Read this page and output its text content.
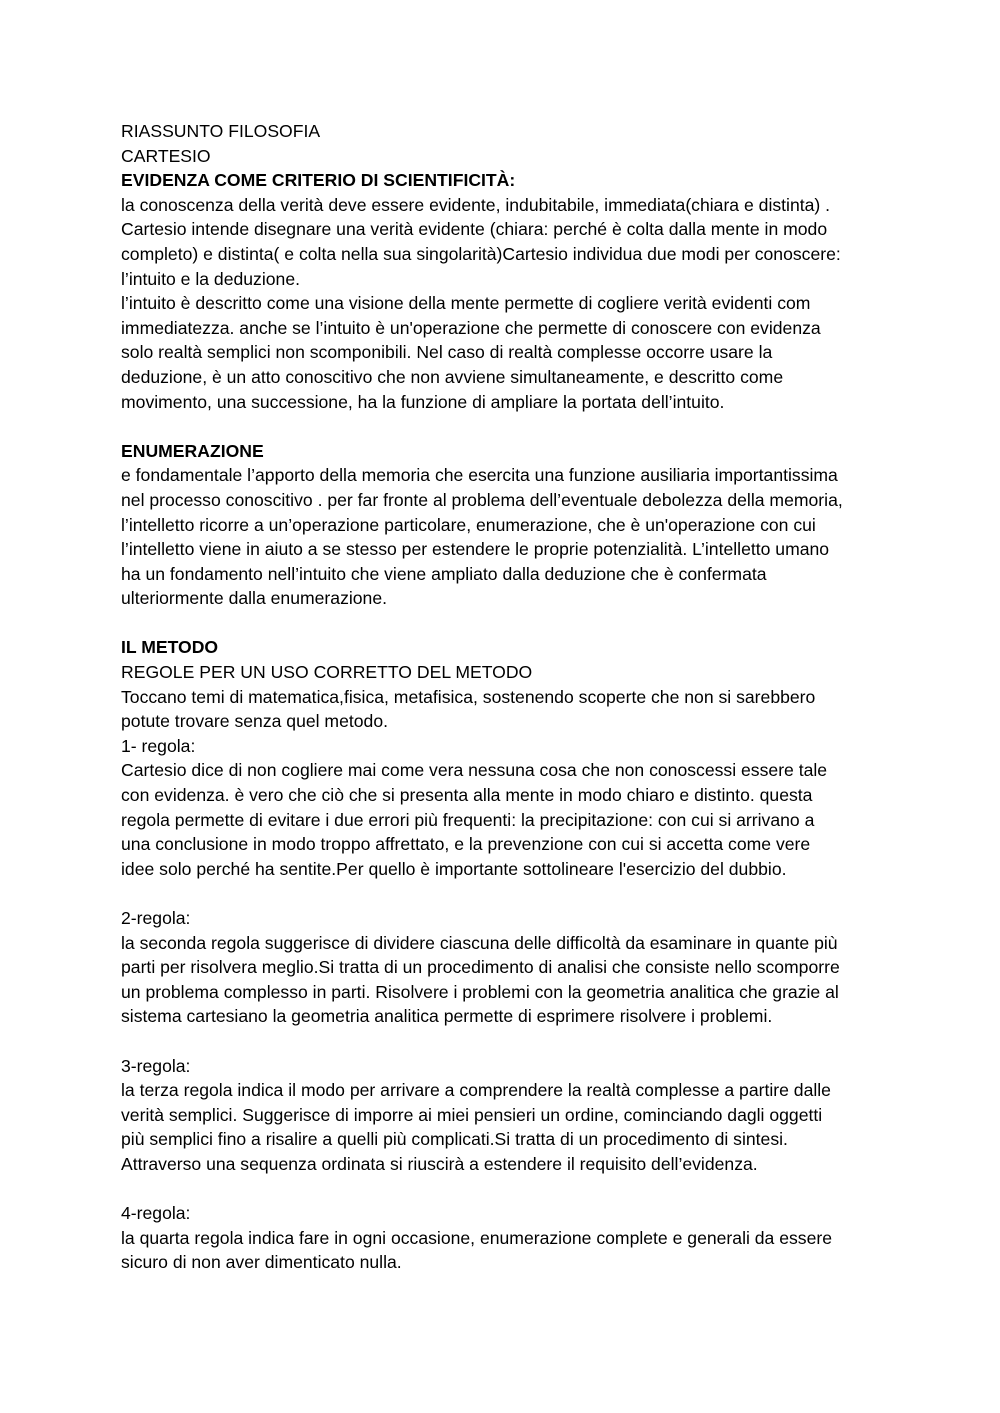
RIASSUNTO FILOSOFIA
CARTESIO
EVIDENZA COME CRITERIO DI SCIENTIFICITÀ:
la conoscenza della verità deve essere evidente, indubitabile, immediata(chiara e distinta) .
Cartesio intende disegnare una verità evidente (chiara: perché è colta dalla mente in modo
completo) e distinta( e colta nella sua singolarità)Cartesio individua due modi per conoscere:
l’intuito e la deduzione.
l’intuito è descritto come una visione della mente permette di cogliere verità evidenti com
immediatezza. anche se l’intuito è un'operazione che permette di conoscere con evidenza
solo realtà semplici non scomponibili. Nel caso di realtà complesse occorre usare la
deduzione, è un atto conoscitivo che non avviene simultaneamente, e descritto come
movimento, una successione, ha la funzione di ampliare la portata dell’intuito.
ENUMERAZIONE
e fondamentale l’apporto della memoria che esercita una funzione ausiliaria importantissima
nel processo conoscitivo . per far fronte al problema dell’eventuale debolezza della memoria,
l’intelletto ricorre a un’operazione particolare, enumerazione, che è un'operazione con cui
l’intelletto viene in aiuto a se stesso per estendere le proprie potenzialità. L’intelletto umano
ha un fondamento nell’intuito che viene ampliato dalla deduzione che è confermata
ulteriormente dalla enumerazione.
IL METODO
REGOLE PER UN USO CORRETTO DEL METODO
Toccano temi di matematica,fisica, metafisica, sostenendo scoperte che non si sarebbero
potute trovare senza quel metodo.
1- regola:
Cartesio dice di non cogliere mai come vera nessuna cosa che non conoscessi essere tale
con evidenza. è vero che ciò che si presenta alla mente in modo chiaro e distinto. questa
regola permette di evitare i due errori più frequenti: la precipitazione: con cui si arrivano a
una conclusione in modo troppo affrettato, e la prevenzione con cui si accetta come vere
idee solo perché ha sentite.Per quello è importante sottolineare l'esercizio del dubbio.
2-regola:
la seconda regola suggerisce di dividere ciascuna delle difficoltà da esaminare in quante più
parti per risolvera meglio.Si tratta di un procedimento di analisi che consiste nello scomporre
un problema complesso in parti. Risolvere i problemi con la geometria analitica che grazie al
sistema cartesiano la geometria analitica permette di esprimere risolvere i problemi.
3-regola:
la terza regola indica il modo per arrivare a comprendere la realtà complesse a partire dalle
verità semplici. Suggerisce di imporre ai miei pensieri un ordine, cominciando dagli oggetti
più semplici fino a risalire a quelli più complicati.Si tratta di un procedimento di sintesi.
Attraverso una sequenza ordinata si riuscirà a estendere il requisito dell’evidenza.
4-regola:
la quarta regola indica fare in ogni occasione, enumerazione complete e generali da essere
sicuro di non aver dimenticato nulla.
